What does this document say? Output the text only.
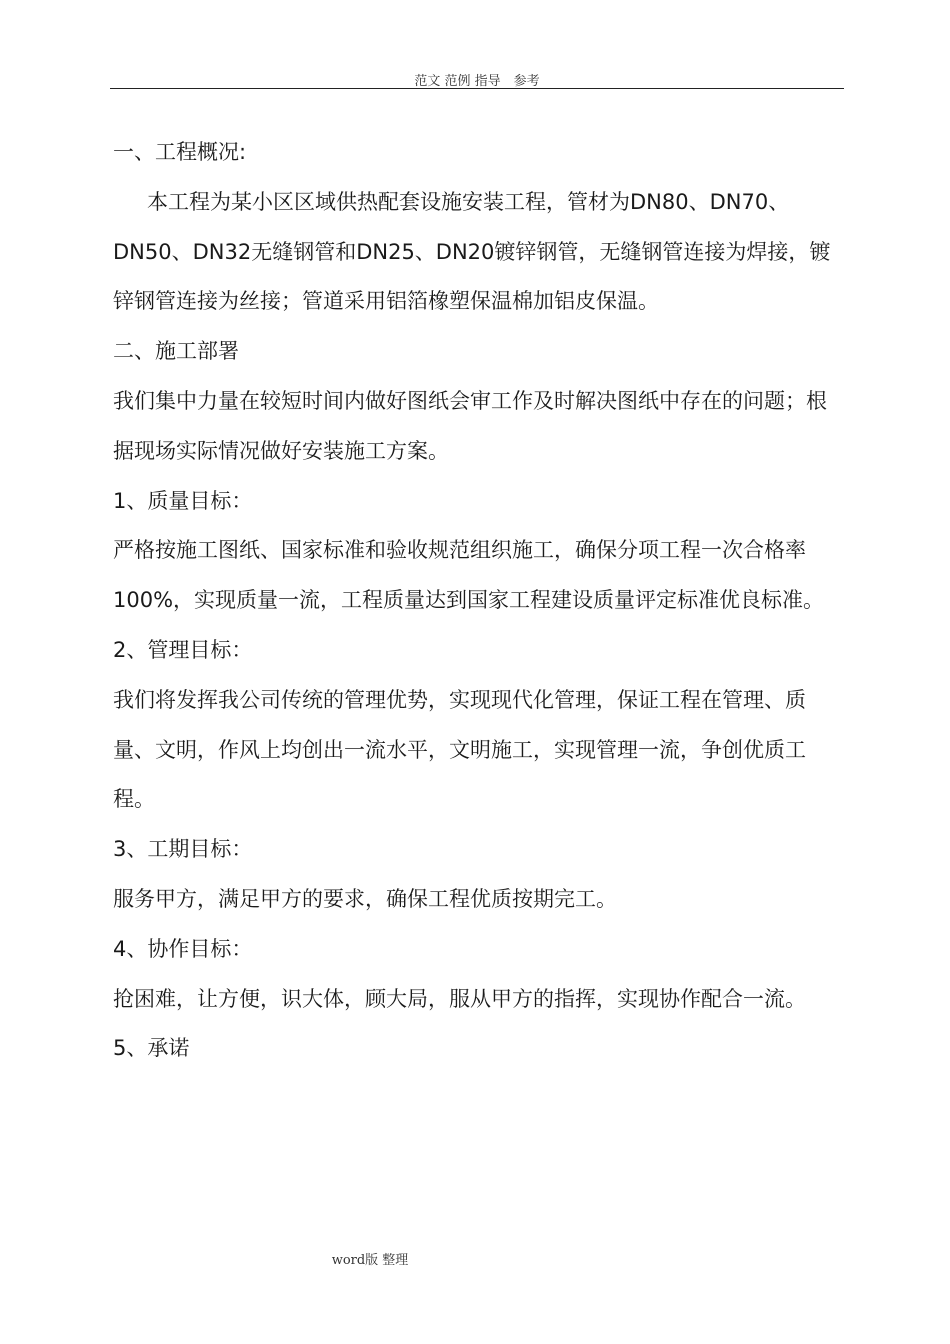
范文 范例 指导　参考

一、工程概况:

本工程为某小区区域供热配套设施安装工程，管材为DN80、DN70、DN50、DN32无缝钢管和DN25、DN20镀锌钢管，无缝钢管连接为焊接，镀锌钢管连接为丝接；管道采用铝箔橡塑保温棉加铝皮保温。

二、施工部署

我们集中力量在较短时间内做好图纸会审工作及时解决图纸中存在的问题；根据现场实际情况做好安装施工方案。

1、质量目标：

严格按施工图纸、国家标准和验收规范组织施工，确保分项工程一次合格率100%，实现质量一流，工程质量达到国家工程建设质量评定标准优良标准。

2、管理目标：

我们将发挥我公司传统的管理优势，实现现代化管理，保证工程在管理、质量、文明，作风上均创出一流水平，文明施工，实现管理一流，争创优质工程。

3、工期目标：

服务甲方，满足甲方的要求，确保工程优质按期完工。

4、协作目标：

抢困难，让方便，识大体，顾大局，服从甲方的指挥，实现协作配合一流。

5、承诺

word版 整理
